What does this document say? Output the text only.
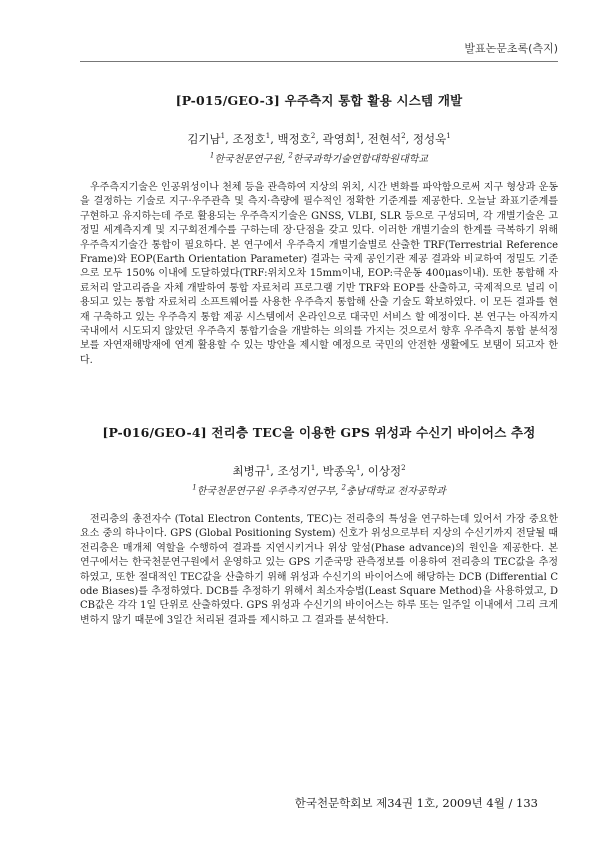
발표논문초록(측지)
[P-015/GEO-3] 우주측지 통합 활용 시스템 개발

김기남$^1$, 조정호$^1$, 백정호$^2$, 곽영희$^1$, 전현석$^2$, 정성욱$^1$

$^1$한국천문연구원, $^2$한국과학기술연합대학원대학교

우주측지기술은 인공위성이나 천체 등을 관측하여 지상의 위치, 시간 변화를 파악함으로써 지구 형상과 운동을 결정하는 기술로 지구·우주관측 및 측지·측량에 필수적인 정확한 기준계를 제공한다. 오늘날 좌표기준계를 구현하고 유지하는데 주로 활용되는 우주측지기술은 GNSS, VLBI, SLR 등으로 구성되며, 각 개별기술은 고정밀 세계측지계 및 지구회전계수를 구하는데 장·단점을 갖고 있다. 이러한 개별기술의 한계를 극복하기 위해 우주측지기술간 통합이 필요하다. 본 연구에서 우주측지 개별기술별로 산출한 TRF(Terrestrial Reference Frame)와 EOP(Earth Orientation Parameter) 결과는 국제 공인기관 제공 결과와 비교하여 정밀도 기준으로 모두 150% 이내에 도달하였다(TRF:위치오차 15mm이내, EOP:극운동 400μas이내). 또한 통합해 자료처리 알고리즘을 자체 개발하여 통합 자료처리 프로그램 기반 TRF와 EOP를 산출하고, 국제적으로 널리 이용되고 있는 통합 자료처리 소프트웨어를 사용한 우주측지 통합해 산출 기술도 확보하였다. 이 모든 결과를 현재 구축하고 있는 우주측지 통합 제공 시스템에서 온라인으로 대국민 서비스 할 예정이다. 본 연구는 아직까지 국내에서 시도되지 않았던 우주측지 통합기술을 개발하는 의의를 가지는 것으로서 향후 우주측지 통합 분석정보를 자연재해방재에 연계 활용할 수 있는 방안을 제시할 예정으로 국민의 안전한 생활에도 보탬이 되고자 한다.

[P-016/GEO-4] 전리층 TEC을 이용한 GPS 위성과 수신기 바이어스 추정

최병규$^1$, 조성기$^1$, 박종욱$^1$, 이상정$^2$

$^1$한국천문연구원 우주측지연구부, $^2$충남대학교 전자공학과

전리층의 총전자수 (Total Electron Contents, TEC)는 전리층의 특성을 연구하는데 있어서 가장 중요한 요소 중의 하나이다. GPS (Global Positioning System) 신호가 위성으로부터 지상의 수신기까지 전달될 때 전리층은 매개체 역할을 수행하여 결과를 지연시키거나 위상 앞섬(Phase advance)의 원인을 제공한다. 본 연구에서는 한국천문연구원에서 운영하고 있는 GPS 기준국망 관측정보를 이용하여 전리층의 TEC값을 추정하였고, 또한 절대적인 TEC값을 산출하기 위해 위성과 수신기의 바이어스에 해당하는 DCB (Differential Code Biases)를 추정하였다. DCB를 추정하기 위해서 최소자승법(Least Square Method)을 사용하였고, DCB값은 각각 1일 단위로 산출하였다. GPS 위성과 수신기의 바이어스는 하루 또는 일주일 이내에서 그리 크게 변하지 않기 때문에 3일간 처리된 결과를 제시하고 그 결과를 분석한다.

한국천문학회보 제34권 1호, 2009년 4월 / 133
